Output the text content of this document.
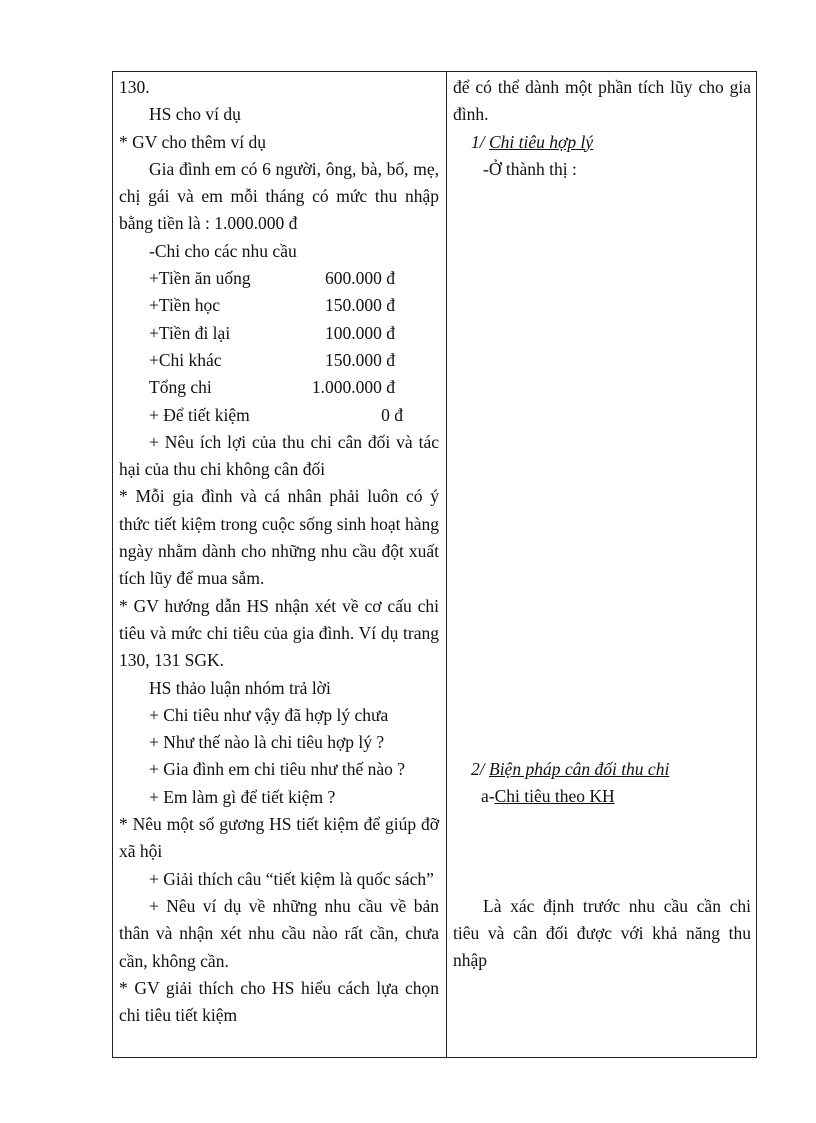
130.
HS cho ví dụ
* GV cho thêm ví dụ
Gia đình em có 6 người, ông, bà, bố, mẹ, chị gái và em mỗi tháng có mức thu nhập bằng tiền là : 1.000.000 đ
-Chi cho các nhu cầu
+Tiền ăn uống	600.000 đ
+Tiền học	150.000 đ
+Tiền đi lại	100.000 đ
+Chi khác	150.000 đ
Tổng chi	1.000.000 đ
+ Để tiết kiệm	0 đ
+ Nêu ích lợi của thu chi cân đối và tác hại của thu chi không cân đối
* Mỗi gia đình và cá nhân phải luôn có ý thức tiết kiệm trong cuộc sống sinh hoạt hàng ngày nhằm dành cho những nhu cầu đột xuất tích lũy để mua sắm.
* GV hướng dẫn HS nhận xét về cơ cấu chi tiêu và mức chi tiêu của gia đình. Ví dụ trang 130, 131 SGK.
HS thảo luận nhóm trả lời
+ Chi tiêu như vậy đã hợp lý chưa
+ Như thế nào là chi tiêu hợp lý ?
+ Gia đình em chi tiêu như thế nào ?
+ Em làm gì để tiết kiệm ?
* Nêu một số gương HS tiết kiệm để giúp đỡ xã hội
+ Giải thích câu “tiết kiệm là quốc sách”
+ Nêu ví dụ về những nhu cầu về bản thân và nhận xét nhu cầu nào rất cần, chưa cần, không cần.
* GV giải thích cho HS hiểu cách lựa chọn chi tiêu tiết kiệm
để có thể dành một phần tích lũy cho gia đình.
1/ Chi tiêu hợp lý
-Ở thành thị :
2/ Biện pháp cân đối thu chi
a-Chi tiêu theo KH
Là xác định trước nhu cầu cần chi tiêu và cân đối được với khả năng thu nhập
